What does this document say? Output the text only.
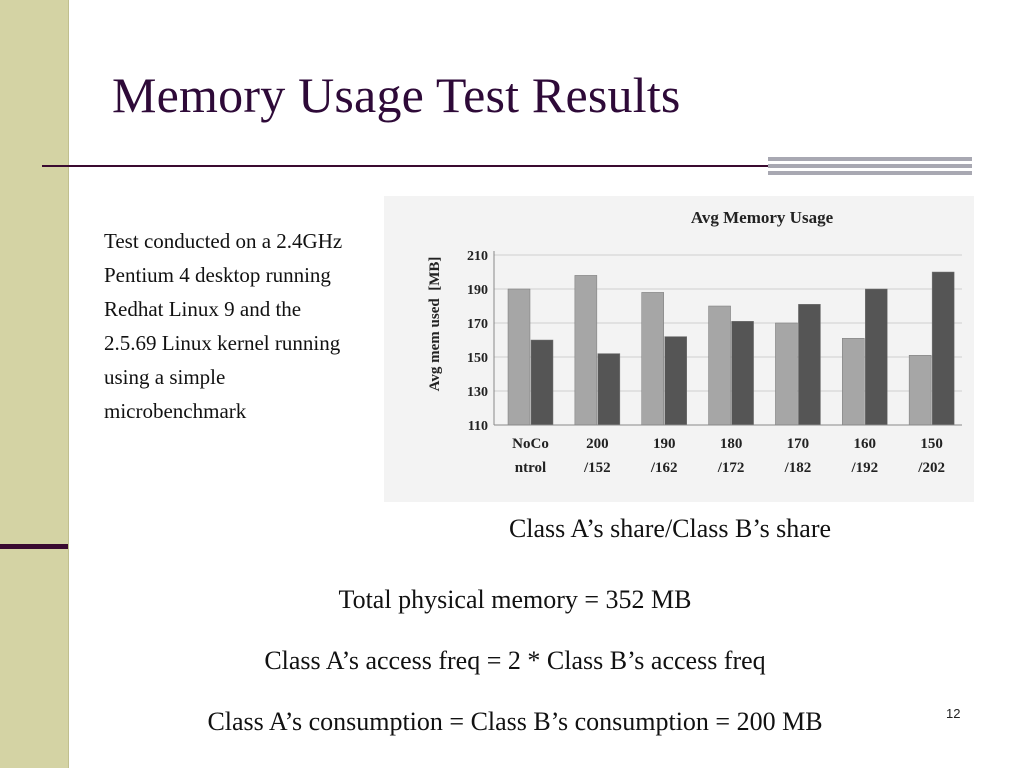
Memory Usage Test Results
Test conducted on a 2.4GHz Pentium 4 desktop running Redhat Linux 9 and the 2.5.69 Linux kernel running using a simple microbenchmark
110
130
150
170
190
210
NoCo
ntrol
200
/152
190
/162
180
/172
170
/182
160
/192
150
/202
Avg Memory Usage
Avg mem used  [MB]
Class A’s share/Class B’s share
Total physical memory = 352 MB
Class A’s access freq = 2 * Class B’s access freq
Class A’s consumption = Class B’s consumption = 200 MB	12
